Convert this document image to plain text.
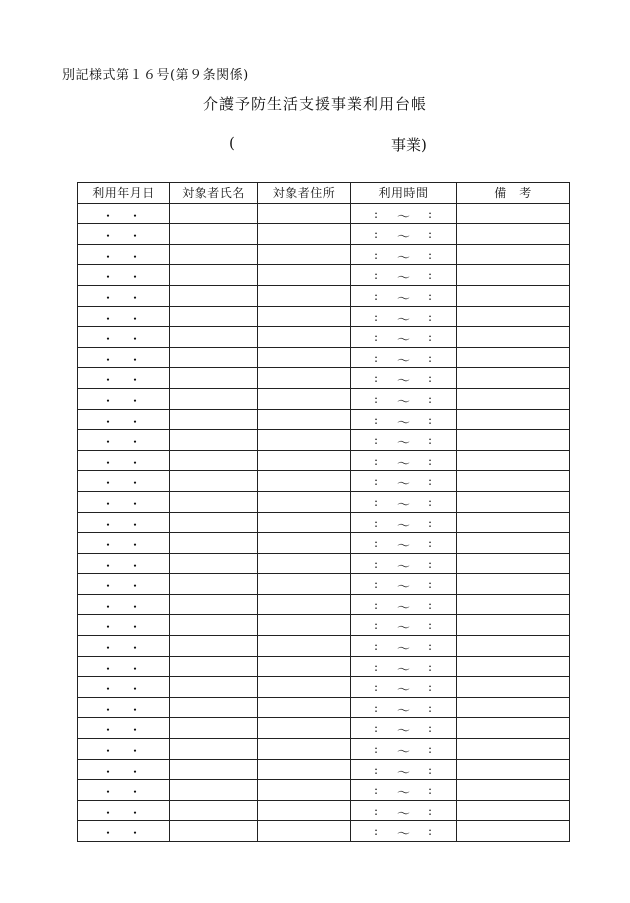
別記様式第１６号(第９条関係)
介護予防生活支援事業利用台帳
(	事業)
利用年月日	対象者氏名	対象者住所	利用時間	備　考

・ ・			: 〜 :	

・ ・			: 〜 :	

・ ・			: 〜 :	

・ ・			: 〜 :	

・ ・			: 〜 :	

・ ・			: 〜 :	

・ ・			: 〜 :	

・ ・			: 〜 :	

・ ・			: 〜 :	

・ ・			: 〜 :	

・ ・			: 〜 :	

・ ・			: 〜 :	

・ ・			: 〜 :	

・ ・			: 〜 :	

・ ・			: 〜 :	

・ ・			: 〜 :	

・ ・			: 〜 :	

・ ・			: 〜 :	

・ ・			: 〜 :	

・ ・			: 〜 :	

・ ・			: 〜 :	

・ ・			: 〜 :	

・ ・			: 〜 :	

・ ・			: 〜 :	

・ ・			: 〜 :	

・ ・			: 〜 :	

・ ・			: 〜 :	

・ ・			: 〜 :	

・ ・			: 〜 :	

・ ・			: 〜 :	

・ ・			: 〜 :	
